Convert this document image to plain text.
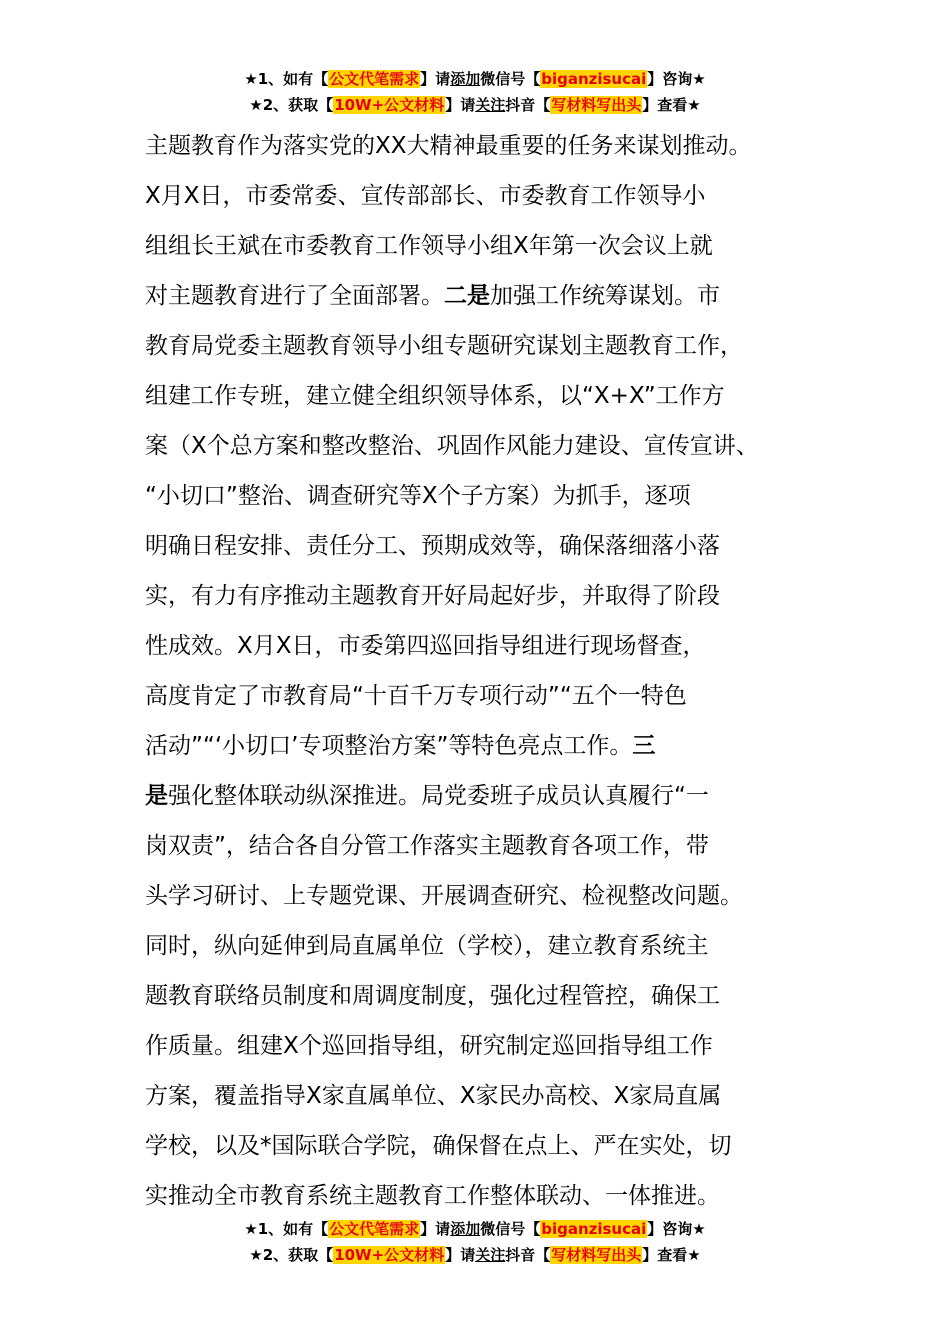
★1、如有【公文代笔需求】请添加微信号【biganzisucai】咨询★
★2、获取【10W+公文材料】请关注抖音【写材料写出头】查看★
主题教育作为落实党的XX大精神最重要的任务来谋划推动。
X月X日，市委常委、宣传部部长、市委教育工作领导小
组组长王斌在市委教育工作领导小组X年第一次会议上就
对主题教育进行了全面部署。二是加强工作统筹谋划。市
教育局党委主题教育领导小组专题研究谋划主题教育工作，
组建工作专班，建立健全组织领导体系，以“X+X”工作方
案（X个总方案和整改整治、巩固作风能力建设、宣传宣讲、
“小切口”整治、调查研究等X个子方案）为抓手，逐项
明确日程安排、责任分工、预期成效等，确保落细落小落
实，有力有序推动主题教育开好局起好步，并取得了阶段
性成效。X月X日，市委第四巡回指导组进行现场督查，
高度肯定了市教育局“十百千万专项行动”“五个一特色
活动”“‘小切口’专项整治方案”等特色亮点工作。三
是强化整体联动纵深推进。局党委班子成员认真履行“一
岗双责”，结合各自分管工作落实主题教育各项工作，带
头学习研讨、上专题党课、开展调查研究、检视整改问题。
同时，纵向延伸到局直属单位（学校），建立教育系统主
题教育联络员制度和周调度制度，强化过程管控，确保工
作质量。组建X个巡回指导组，研究制定巡回指导组工作
方案，覆盖指导X家直属单位、X家民办高校、X家局直属
学校，以及*国际联合学院，确保督在点上、严在实处，切
实推动全市教育系统主题教育工作整体联动、一体推进。
★1、如有【公文代笔需求】请添加微信号【biganzisucai】咨询★
★2、获取【10W+公文材料】请关注抖音【写材料写出头】查看★
